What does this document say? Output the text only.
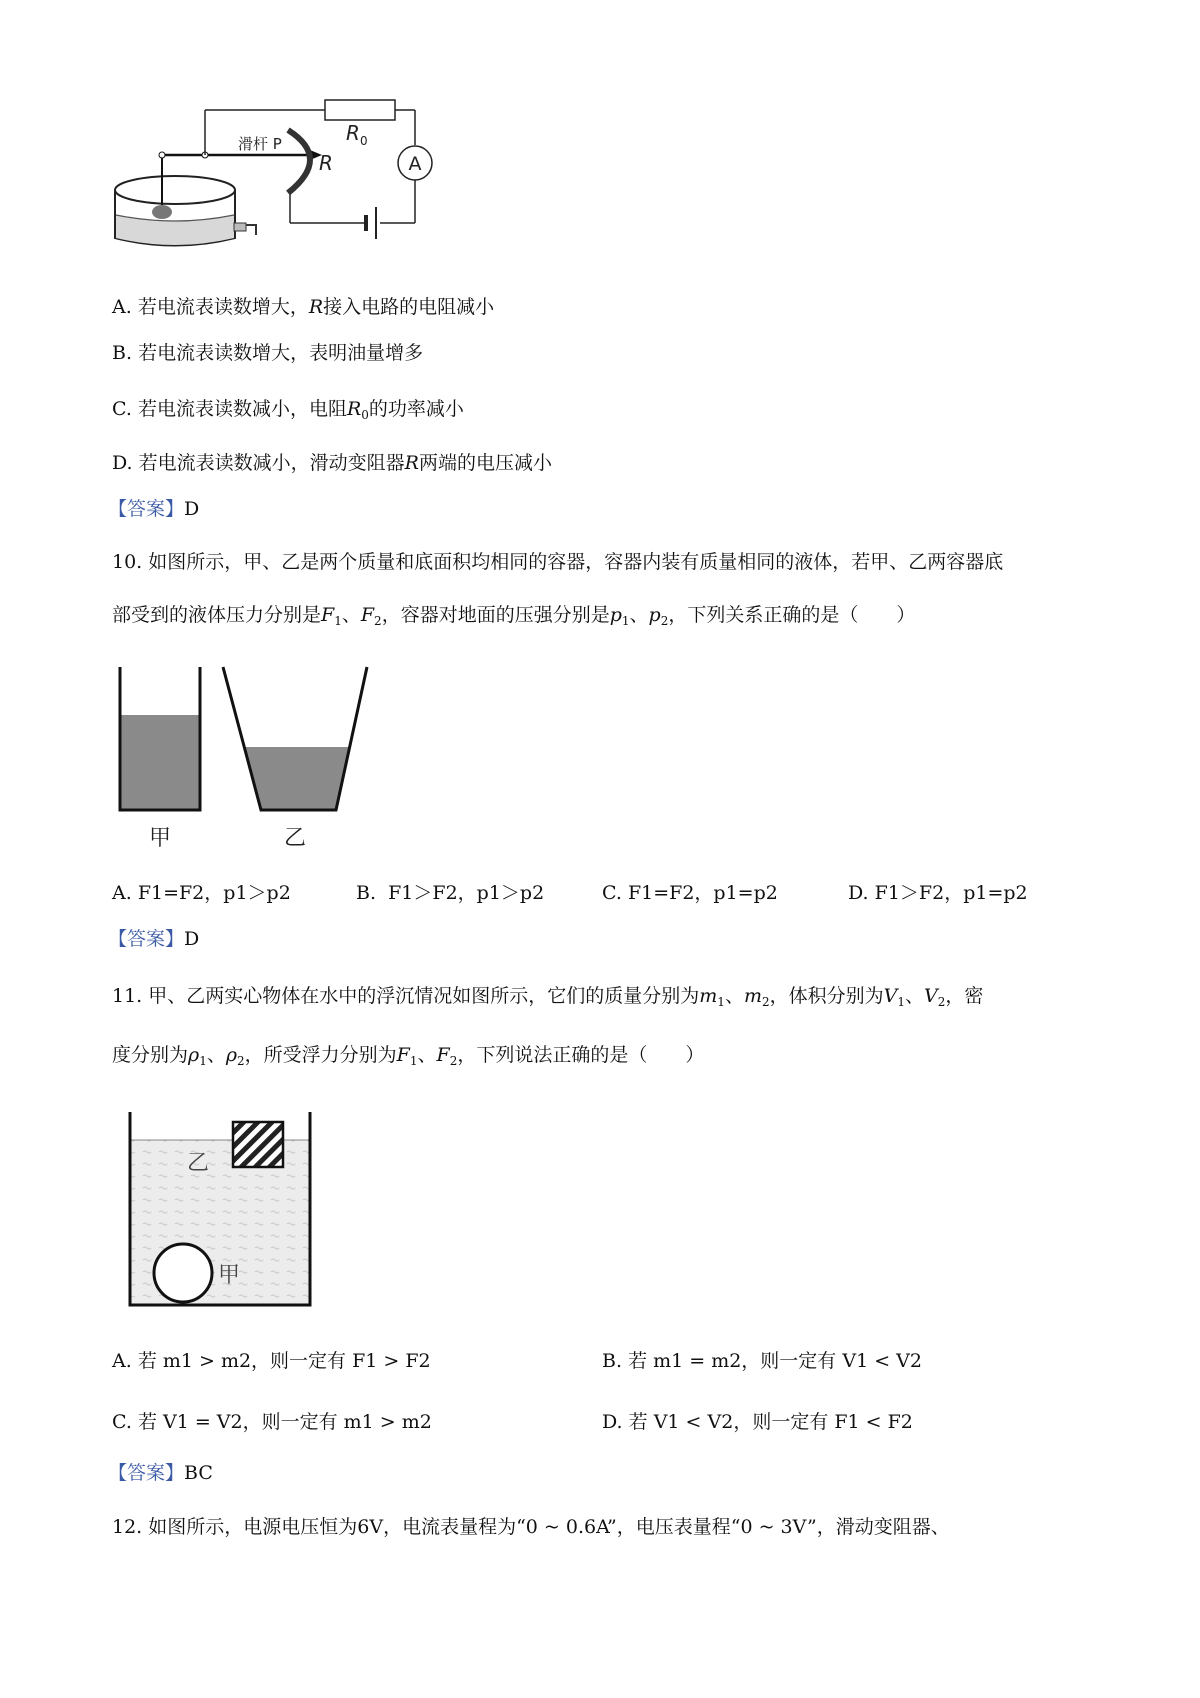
A
滑杆 P
R
R 0
A. 若电流表读数增大，R接入电路的电阻减小
B. 若电流表读数增大，表明油量增多
C. 若电流表读数减小，电阻$R_0$的功率减小
D. 若电流表读数减小，滑动变阻器R两端的电压减小
【答案】D
10. 如图所示，甲、乙是两个质量和底面积均相同的容器，容器内装有质量相同的液体，若甲、乙两容器底
部受到的液体压力分别是$F_1$、$F_2$，容器对地面的压强分别是$p_1$、$p_2$，下列关系正确的是（　　）
甲	乙
A. F1=F2，p1＞p2	B. F1＞F2，p1＞p2	C. F1=F2，p1=p2	D. F1＞F2，p1=p2
【答案】D
11. 甲、乙两实心物体在水中的浮沉情况如图所示，它们的质量分别为$m_1$、$m_2$，体积分别为$V_1$、$V_2$，密
度分别为$\rho_1$、$\rho_2$，所受浮力分别为$F_1$、$F_2$，下列说法正确的是（　　）
乙
甲
A. 若 m1 > m2，则一定有 F1 > F2	B. 若 m1 = m2，则一定有 V1 < V2
C. 若 V1 = V2，则一定有 m1 > m2	D. 若 V1 < V2，则一定有 F1 < F2
【答案】BC
12. 如图所示，电源电压恒为6V，电流表量程为“0 ~ 0.6A”，电压表量程“0 ~ 3V”，滑动变阻器、
